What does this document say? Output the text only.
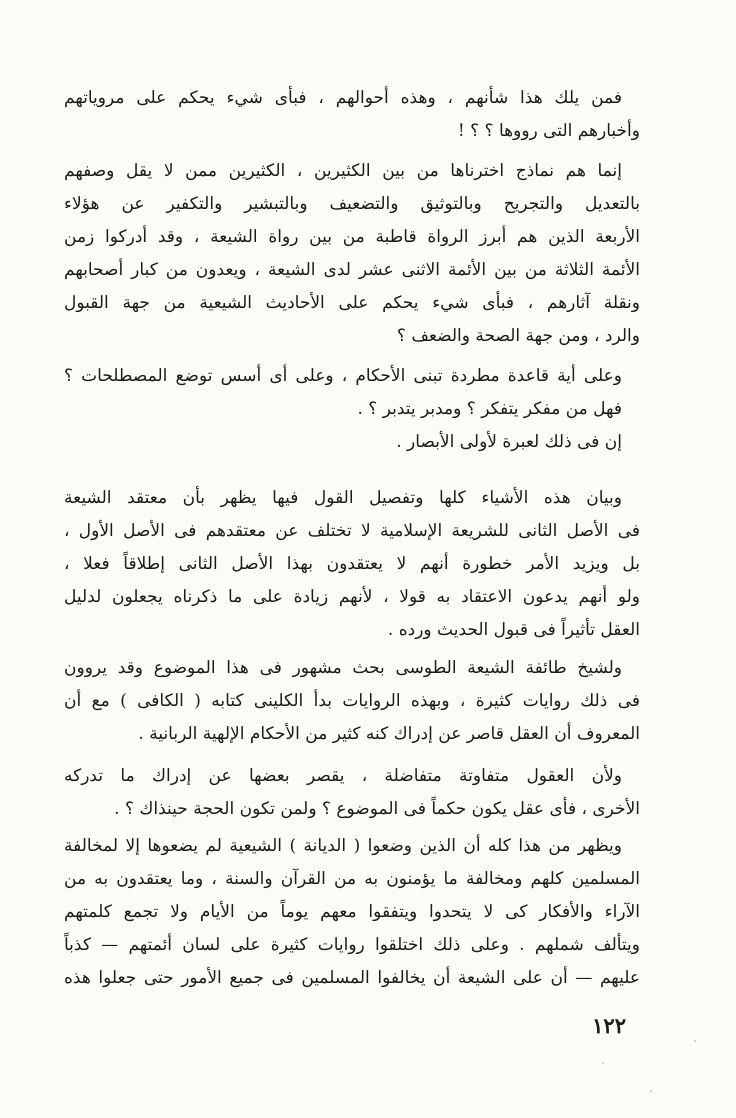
فمن يلك هذا شأنهم ، وهذه أحوالهم ، فبأى شيء يحكم على مروياتهم
وأخبارهم التى رووها ؟ ؟ !
إنما هم نماذج اخترناها من بين الكثيرين ، الكثيرين ممن لا يقل وصفهم
بالتعديل والتجريح وبالتوثيق والتضعيف وبالتبشير والتكفير عن هؤلاء
الأربعة الذين هم أبرز الرواة قاطبة من بين رواة الشيعة ، وقد أدركوا زمن
الأئمة الثلاثة من بين الأئمة الاثنى عشر لدى الشيعة ، ويعدون من كبار أصحابهم
ونقلة آثارهم ، فبأى شيء يحكم على الأحاديث الشيعية من جهة القبول
والرد ، ومن جهة الصحة والضعف ؟
وعلى أية قاعدة مطردة تبنى الأحكام ، وعلى أى أسس توضع المصطلحات ؟
فهل من مفكر يتفكر ؟ ومدبر يتدبر ؟ .
إن فى ذلك لعبرة لأولى الأبصار .
وبيان هذه الأشياء كلها وتفصيل القول فيها يظهر بأن معتقد الشيعة
فى الأصل الثانى للشريعة الإسلامية لا تختلف عن معتقدهم فى الأصل الأول ،
بل ويزيد الأمر خطورة أنهم لا يعتقدون بهذا الأصل الثانى إطلاقاً فعلا ،
ولو أنهم يدعون الاعتقاد به قولا ، لأنهم زيادة على ما ذكرناه يجعلون لدليل
العقل تأثيراً فى قبول الحديث ورده .
ولشيخ طائفة الشيعة الطوسى بحث مشهور فى هذا الموضوع وقد يروون
فى ذلك روايات كثيرة ، وبهذه الروايات بدأ الكلينى كتابه ( الكافى ) مع أن
المعروف أن العقل قاصر عن إدراك كنه كثير من الأحكام الإلهية الربانية .
ولأن العقول متفاوتة متفاضلة ، يقصر بعضها عن إدراك ما تدركه
الأخرى ، فأى عقل يكون حكماً فى الموضوع ؟ ولمن تكون الحجة حينذاك ؟ .
ويظهر من هذا كله أن الذين وضعوا ( الديانة ) الشيعية لم يضعوها إلا لمخالفة
المسلمين كلهم ومخالفة ما يؤمنون به من القرآن والسنة ، وما يعتقدون به من
الآراء والأفكار كى لا يتحدوا ويتفقوا معهم يوماً من الأيام ولا تجمع كلمتهم
ويتألف شملهم . وعلى ذلك اختلقوا روايات كثيرة على لسان أئمتهم — كذباً
عليهم — أن على الشيعة أن يخالفوا المسلمين فى جميع الأمور حتى جعلوا هذه
١٢٢
